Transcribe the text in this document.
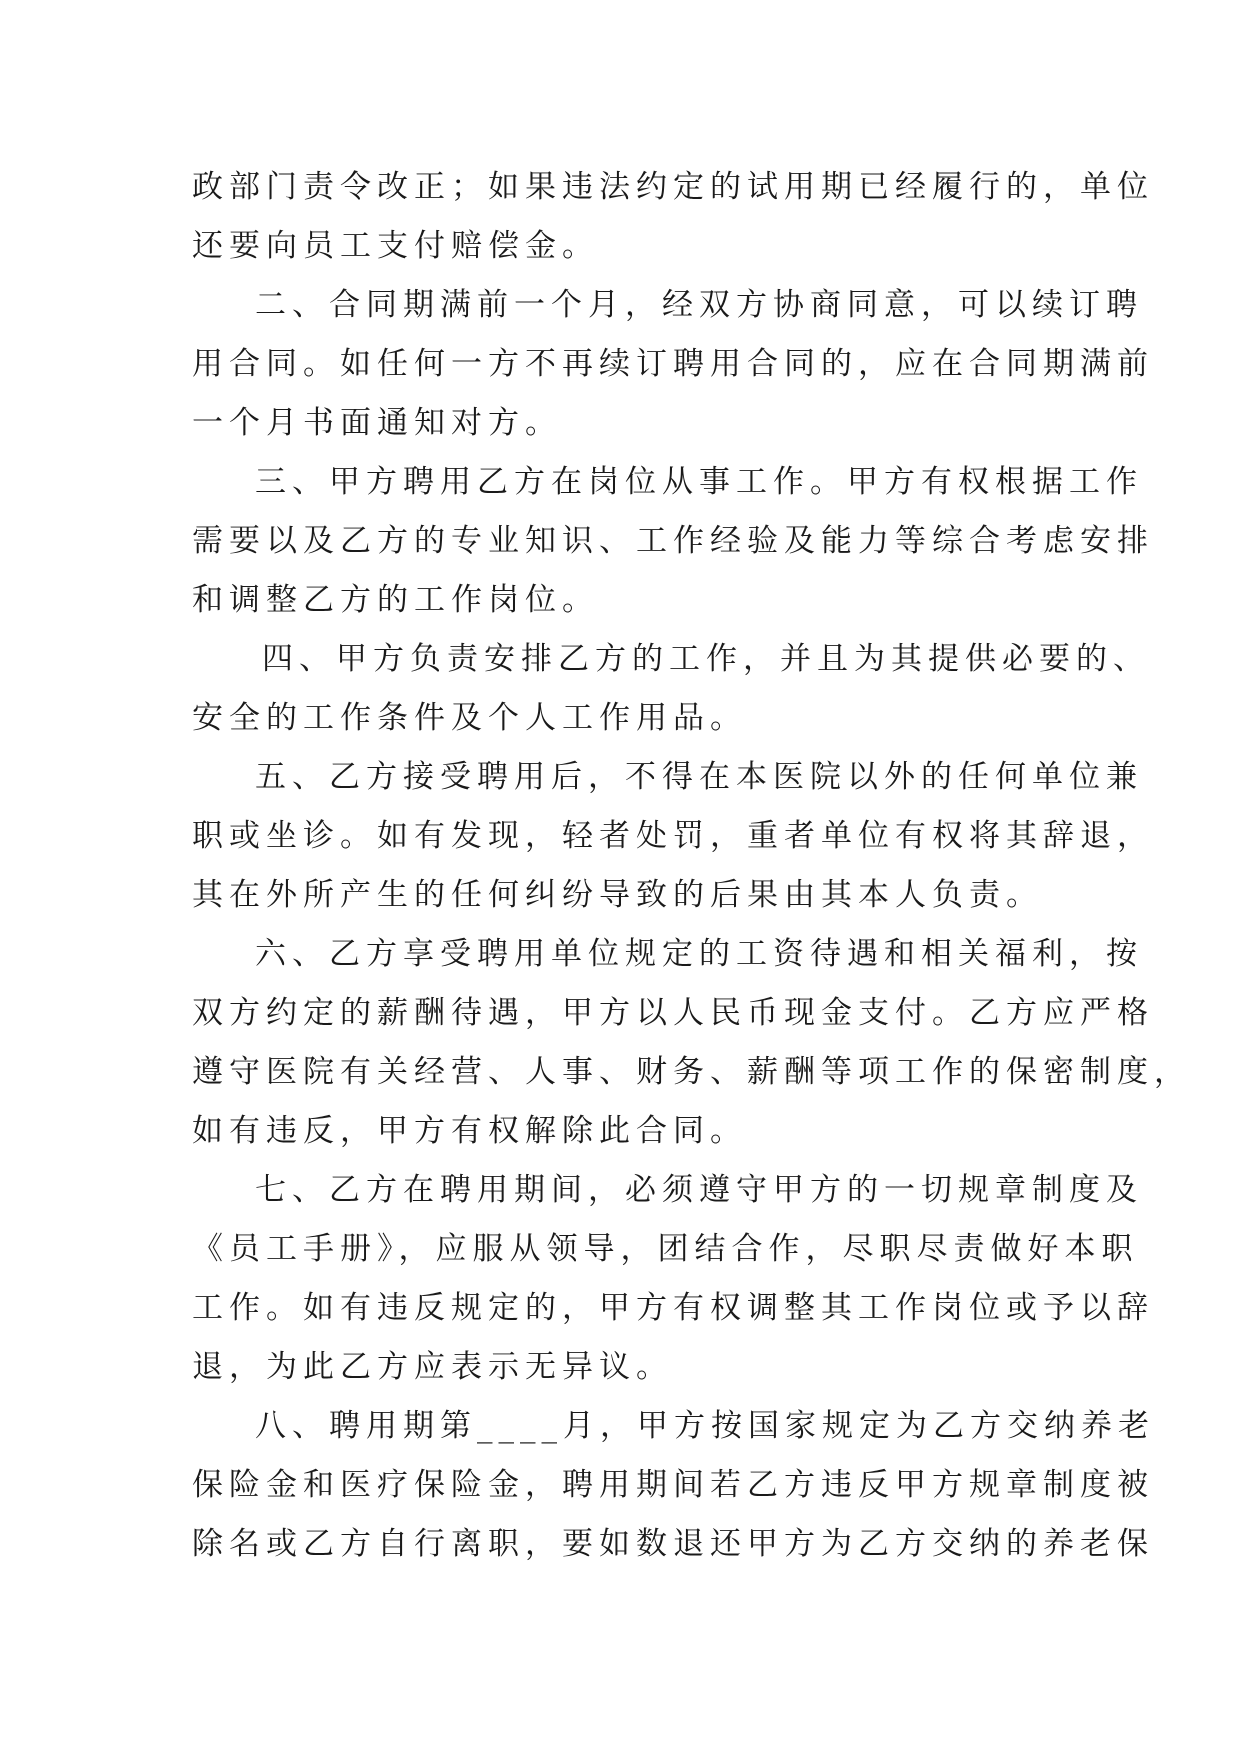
政部门责令改正；如果违法约定的试用期已经履行的，单位
还要向员工支付赔偿金。
二、合同期满前一个月，经双方协商同意，可以续订聘
用合同。如任何一方不再续订聘用合同的，应在合同期满前
一个月书面通知对方。
三、甲方聘用乙方在岗位从事工作。甲方有权根据工作
需要以及乙方的专业知识、工作经验及能力等综合考虑安排
和调整乙方的工作岗位。
四、甲方负责安排乙方的工作，并且为其提供必要的、
安全的工作条件及个人工作用品。
五、乙方接受聘用后，不得在本医院以外的任何单位兼
职或坐诊。如有发现，轻者处罚，重者单位有权将其辞退，
其在外所产生的任何纠纷导致的后果由其本人负责。
六、乙方享受聘用单位规定的工资待遇和相关福利，按
双方约定的薪酬待遇，甲方以人民币现金支付。乙方应严格
遵守医院有关经营、人事、财务、薪酬等项工作的保密制度，
如有违反，甲方有权解除此合同。
七、乙方在聘用期间，必须遵守甲方的一切规章制度及
《员工手册》，应服从领导，团结合作，尽职尽责做好本职
工作。如有违反规定的，甲方有权调整其工作岗位或予以辞
退，为此乙方应表示无异议。
八、聘用期第____月，甲方按国家规定为乙方交纳养老
保险金和医疗保险金，聘用期间若乙方违反甲方规章制度被
除名或乙方自行离职，要如数退还甲方为乙方交纳的养老保
